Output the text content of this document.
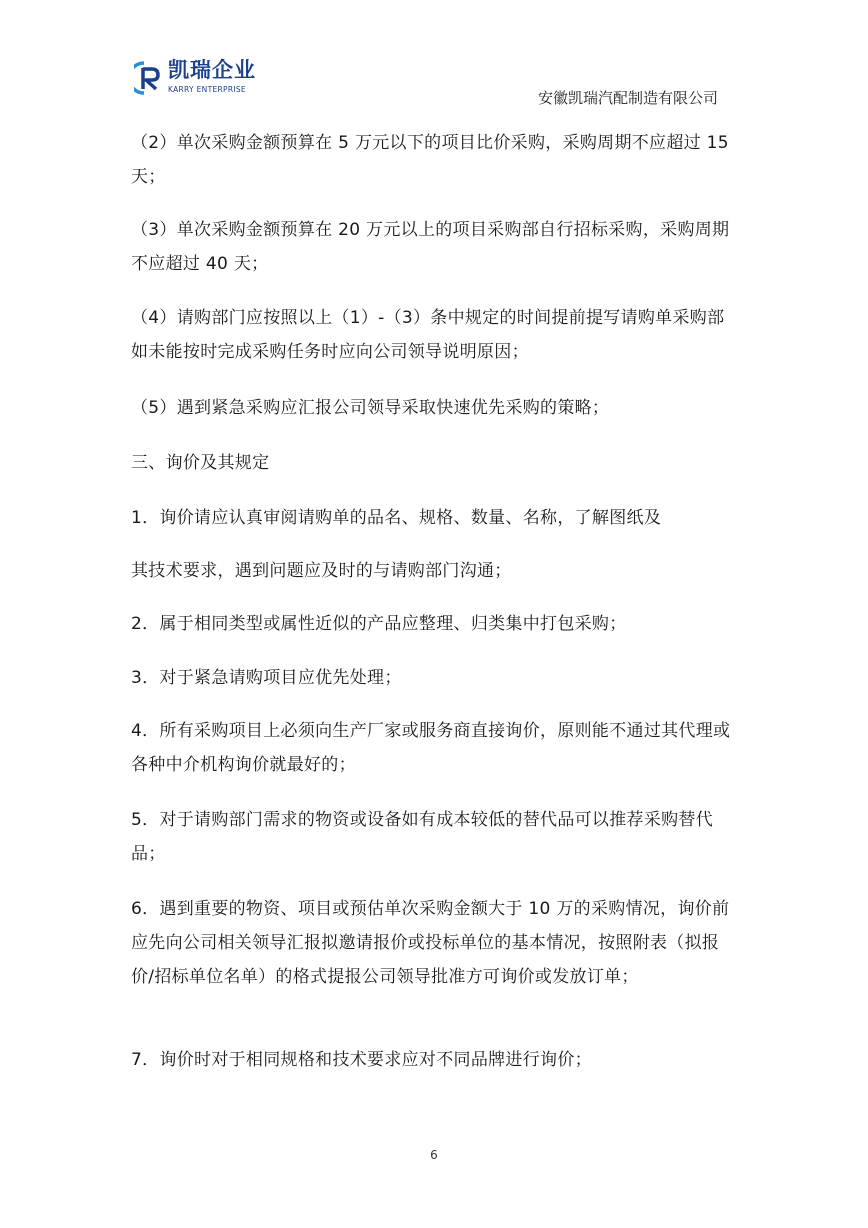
凯瑞企业
KARRY ENTERPRISE	安徽凯瑞汽配制造有限公司
（2）单次采购金额预算在 5 万元以下的项目比价采购，采购周期不应超过 15 天；
（3）单次采购金额预算在 20 万元以上的项目采购部自行招标采购，采购周期不应超过 40 天；
（4）请购部门应按照以上（1）-（3）条中规定的时间提前提写请购单采购部如未能按时完成采购任务时应向公司领导说明原因；
（5）遇到紧急采购应汇报公司领导采取快速优先采购的策略；
三、询价及其规定
1．询价请应认真审阅请购单的品名、规格、数量、名称，了解图纸及
其技术要求，遇到问题应及时的与请购部门沟通；
2．属于相同类型或属性近似的产品应整理、归类集中打包采购；
3．对于紧急请购项目应优先处理；
4．所有采购项目上必须向生产厂家或服务商直接询价，原则能不通过其代理或各种中介机构询价就最好的；
5．对于请购部门需求的物资或设备如有成本较低的替代品可以推荐采购替代品；
6．遇到重要的物资、项目或预估单次采购金额大于 10 万的采购情况，询价前应先向公司相关领导汇报拟邀请报价或投标单位的基本情况，按照附表（拟报价/招标单位名单）的格式提报公司领导批准方可询价或发放订单；
7．询价时对于相同规格和技术要求应对不同品牌进行询价；
6
